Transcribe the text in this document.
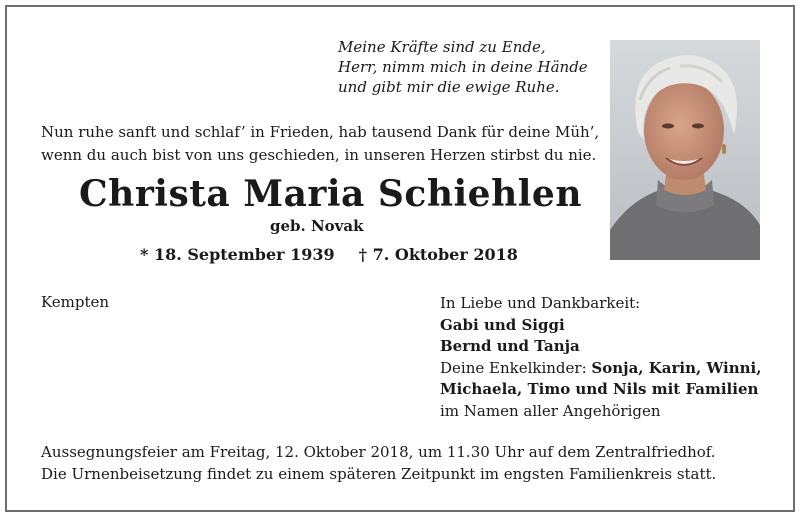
Meine Kräfte sind zu Ende,
Herr, nimm mich in deine Hände
und gibt mir die ewige Ruhe.
Nun ruhe sanft und schlaf’ in Frieden, hab tausend Dank für deine Müh’,
wenn du auch bist von uns geschieden, in unseren Herzen stirbst du nie.
Christa Maria Schiehlen
geb. Novak
* 18. September 1939 † 7. Oktober 2018
Kempten	In Liebe und Dankbarkeit:
Gabi und Siggi
Bernd und Tanja
Deine Enkelkinder: Sonja, Karin, Winni,
Michaela, Timo und Nils mit Familien
im Namen aller Angehörigen
Aussegnungsfeier am Freitag, 12. Oktober 2018, um 11.30 Uhr auf dem Zentralfriedhof.
Die Urnenbeisetzung findet zu einem späteren Zeitpunkt im engsten Familienkreis statt.
